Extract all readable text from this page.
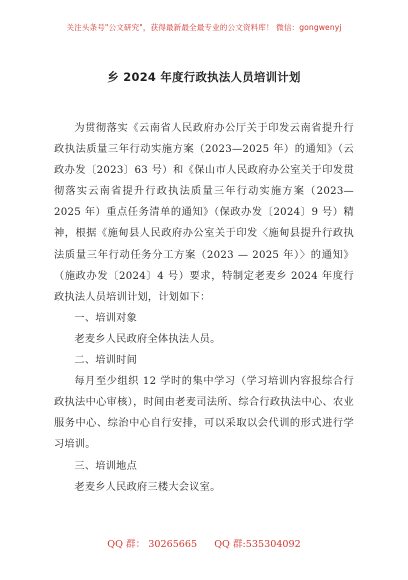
关注头条号"公文研究"，获得最新最全最专业的公文资料库！ 微信：gongwenyj
乡 2024 年度行政执法人员培训计划

为贯彻落实《云南省人民政府办公厅关于印发云南省提升行政执法质量三年行动实施方案（2023—2025 年）的通知》（云政办发〔2023〕63 号）和《保山市人民政府办公室关于印发贯彻落实云南省提升行政执法质量三年行动实施方案（2023—2025 年）重点任务清单的通知》（保政办发〔2024〕9 号）精神，根据《施甸县人民政府办公室关于印发〈施甸县提升行政执法质量三年行动任务分工方案（2023 — 2025 年）〉的通知》（施政办发〔2024〕4 号）要求，特制定老麦乡 2024 年度行政执法人员培训计划，计划如下：

一、培训对象

老麦乡人民政府全体执法人员。

二、培训时间

每月至少组织 12 学时的集中学习（学习培训内容报综合行政执法中心审核），时间由老麦司法所、综合行政执法中心、农业服务中心、综治中心自行安排，可以采取以会代训的形式进行学习培训。

三、培训地点

老麦乡人民政府三楼大会议室。

QQ 群： 30265665 QQ 群:535304092
